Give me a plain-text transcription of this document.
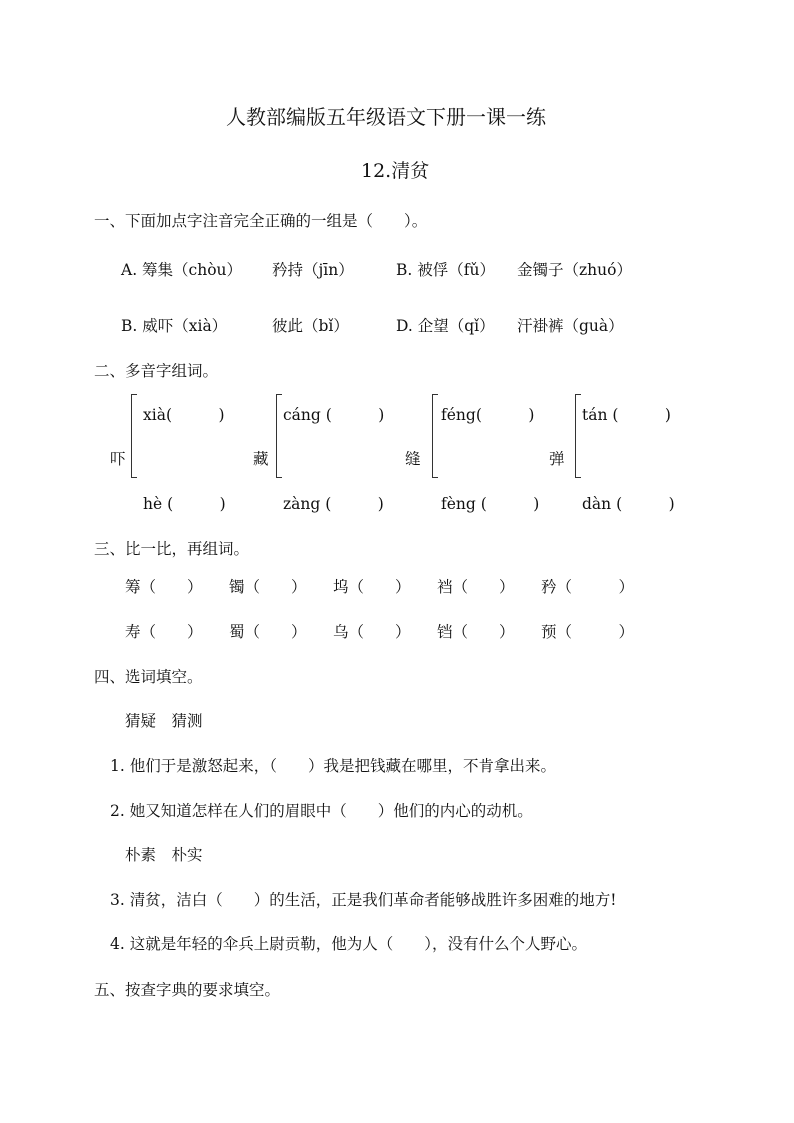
人教部编版五年级语文下册一课一练
12.清贫
一、下面加点字注音完全正确的一组是（　　）。
A. 筹集（chòu） 矜持（jīn）	B. 被俘（fǔ） 金镯子（zhuó）
B. 威吓（xià）	彼此（bǐ）	D. 企望（qǐ） 汗褂裤（guà）
二、多音字组词。
吓
xià(　　　)
hè (　　　)
藏
cáng (　　　)
zàng (　　　)
缝
féng(　　　)
fèng (　　　)
弹
tán (　　　)
dàn (　　　)
三、比一比，再组词。
筹（　　） 镯（　　） 坞（　　） 裆（　　） 矜（　　　）
寿（　　） 蜀（　　） 乌（　　） 铛（　　） 预（　　　）
四、选词填空。
猜疑　猜测
1. 他们于是激怒起来，（　　）我是把钱藏在哪里，不肯拿出来。
2. 她又知道怎样在人们的眉眼中（　　）他们的内心的动机。
朴素　朴实
3. 清贫，洁白（　　）的生活，正是我们革命者能够战胜许多困难的地方!
4. 这就是年轻的伞兵上尉贡勒，他为人（　　），没有什么个人野心。
五、按查字典的要求填空。
